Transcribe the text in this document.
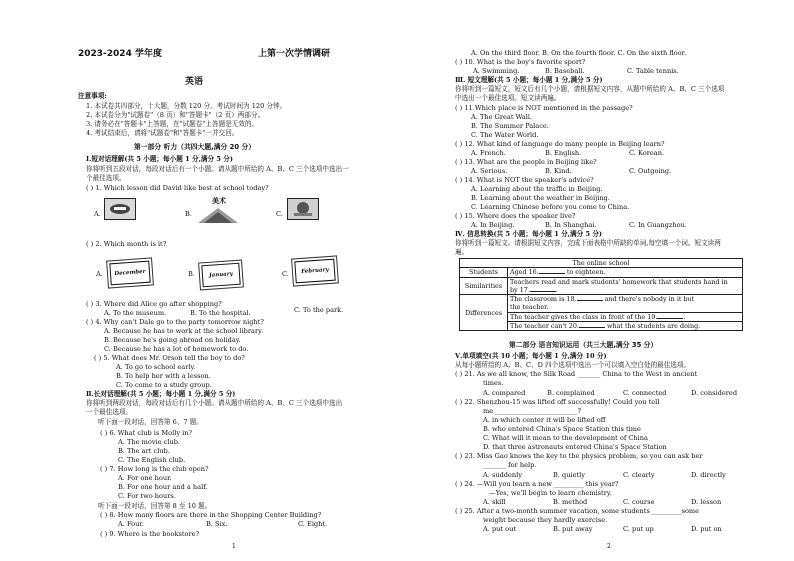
2023-2024 学年度	上第一次学情调研
英语
注意事项:
1. 本试卷共四部分，十大题，分数 120 分。考试时间为 120 分钟。
2. 本试卷分为"试题卷"（8 页）和"答题卡"（2 页）两部分。
3. 请务必在"答题卡"上答题，在"试题卷"上答题是无效的。
4. 考试结束后，请将"试题卷"和"答题卡"一并交回。
第一部分 听力（共四大题,满分 20 分）
Ⅰ.短对话理解(共 5 小题；每小题 1 分,满分 5 分)
你将听到五段对话，每段对话后有一个小题。请从题中所给的 A、B、C 三个选项中选出一
个最佳选项。
( ) 1. Which lesson did David like best at school today?
A.	B.
美术
C.
( ) 2. Which month is it?
A.	December	B.	January	C.	February
( ) 3. Where did Alice go after shopping?
A. To the museum.	B. To the hospital.	C. To the park.
( ) 4. Why can't Dale go to the party tomorrow night?
A. Because he has to work at the school library.
B. Because he's going abroad on holiday.
C. Because he has a lot of homework to do.
( ) 5. What does Mr. Orson tell the boy to do?
A. To go to school early.
B. To help her with a lesson.
C. To come to a study group.
Ⅱ.长对话理解(共 5 小题；每小题 1 分,满分 5 分)
你将听到两段对话，每段对话后有几个小题。请从题中所给的 A、B、C 三个选项中选出
一个最佳选项。
听下面一段对话，回答第 6、7 题。
( ) 6. What club is Molly in?
A. The movie club.
B. The art club.
C. The English club.
( ) 7. How long is the club open?
A. For one hour.
B. For one hour and a half.
C. For two hours.
听下面一段对话，回答第 8 至 10 题。
( ) 8. How many floors are there in the Shopping Center Building?
A. Four.	B. Six.	C. Eight.
( ) 9. Where is the bookstore?
1
A. On the third floor. B. On the fourth floor. C. On the sixth floor.
( ) 10. What is the boy's favorite sport?
A. Swimming.	B. Baseball.	C. Table tennis.
Ⅲ. 短文理解(共 5 小题；每小题 1 分,满分 5 分)
你将听到一篇短文，短文后有几个小题，请根据短文内容，从题中所给的 A、B、C 三个选项
中选出一个最佳选项。短文读两遍。
( ) 11.Which place is NOT mentioned in the passage?
A. The Great Wall.
B. The Summer Palace.
C. The Water World.
( ) 12. What kind of language do many people in Beijing learn?
A. French.	B. English.	C. Korean.
( ) 13. What are the people in Beijing like?
A. Serious.	B. Kind.	C. Outgoing.
( ) 14. What is NOT the speaker's advice?
A. Learning about the traffic in Beijing.
B. Learning about the weather in Beijing.
C. Learning Chinese before you come to China.
( ) 15. Where does the speaker live?
A. In Beijing.	B. In Shanghai.	C. In Guangzhou.
Ⅳ. 信息转换(共 5 小题；每小题 1 分,满分 5 分)
你将听到一篇短文。请根据短文内容，完成下面表格中所缺的单词,每空填一个词。短文读两
遍。
The online school	
Students	Aged 16. to eighteen.
Similarities	Teachers read and mark students' homework that students hand in
by 17. .

Differences	The classroom is 18. and there's nobody in it but
the teacher.

	The teacher gives the class in front of the 19. .
	The teacher can't 20. what the students are doing.
第二部分 语言知识运用（共三大题,满分 35 分）
Ⅴ.单项填空(共 10 小题；每小题 1 分,满分 10 分)
从每小题所给的 A、B、C、D 四个选项中选出一个可以填入空白处的最佳选项。
( ) 21. As we all know, the Silk Road _______ China to the West in ancient
times.
A. compared	B. complained	C. connected	D. considered
( ) 22. Shenzhou-15 was lifted off successfully! Could you tell
me _________________________?
A. in which center it will be lifted off
B. who entered China's Space Station this time
C. What will it mean to the development of China
D. that three astronauts entered China's Space Station
( ) 23. Miss Gao knows the key to the physics problem, so you can ask her
_______ for help.
A. suddenly	B. quietly	C. clearly	D. directly
( ) 24. —Will you learn a new _________ this year?
—Yes, we'll begin to learn chemistry.
A. skill	B. method	C. course	D. lesson
( ) 25. After a two-month summer vacation, some students _________some
weight because they hardly exercise.
A. put out	B. put away	C. put up	D. put on
2
